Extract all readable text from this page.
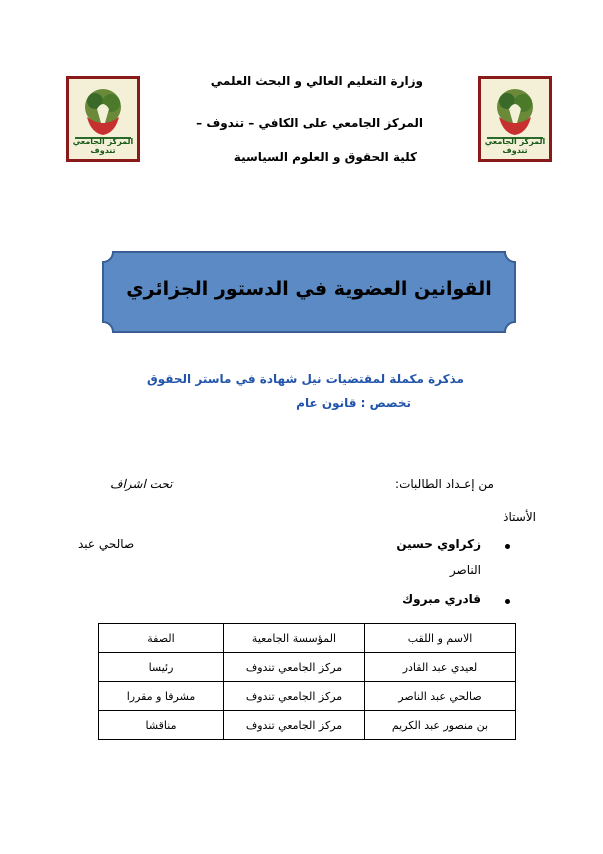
المركز الجامعي تندوف
المركز الجامعي تندوف
وزارة التعليم العالي و البحث العلمي
المركز الجامعي على الكافي – تندوف –
كلية الحقوق و العلوم السياسية
القوانين العضوية في الدستور الجزائري
مذكرة مكملة لمقتضيات نيل شهادة في ماستر الحقوق
تخصص : قانون عام
من إعـداد الطالبات:
تحت اشراف
الأستاذ
زكراوي حسين
الناصر
قادري مبروك
صالحي عبد
الاسم و اللقب	المؤسسة الجامعية	الصفة
لعيدي عبد القادر	مركز الجامعي تندوف	رئيسا
صالحي عبد الناصر	مركز الجامعي تندوف	مشرفا و مقررا
بن منصور عبد الكريم	مركز الجامعي تندوف	مناقشا
